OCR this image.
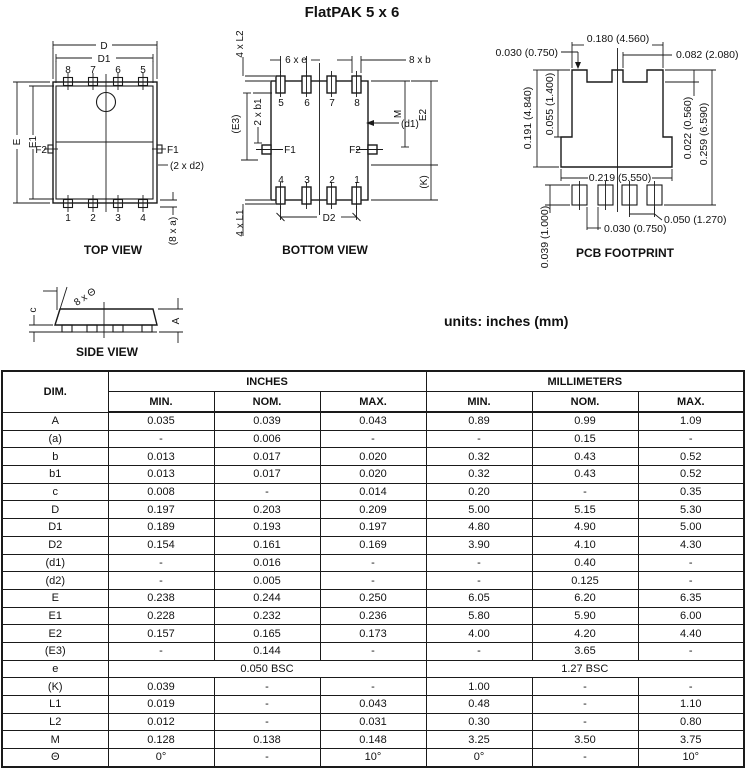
FlatPAK 5 x 6
units: inches (mm)
8 7 6 5
1 2 3 4
D
D1
E E1
F2	F1
(2 x d2)
(8 x a)
TOP VIEW
5 6 7 8
4 3 2 1
F1	F2
6 x e	8 x b
(d1)
M E2
(K)
(E3) 2 x b1
4 x L2
4 x L1	D2
BOTTOM VIEW
0.180 (4.560)
0.030 (0.750)	0.082 (2.080)
0.191 (4.840) 0.055 (1.400)	0.022 (0.560) 0.259 (6.590)
0.219 (5.550)
0.039 (1.000)	0.030 (0.750)
0.050 (1.270)
PCB FOOTPRINT
c
A
8 x Θ
SIDE VIEW
DIM.	INCHES			MILLIMETERS		
	MIN.	NOM.	MAX.	MIN.	NOM.	MAX.
A	0.035	0.039	0.043	0.89	0.99	1.09
(a)	-	0.006	-	-	0.15	-
b	0.013	0.017	0.020	0.32	0.43	0.52
b1	0.013	0.017	0.020	0.32	0.43	0.52
c	0.008	-	0.014	0.20	-	0.35
D	0.197	0.203	0.209	5.00	5.15	5.30
D1	0.189	0.193	0.197	4.80	4.90	5.00
D2	0.154	0.161	0.169	3.90	4.10	4.30
(d1)	-	0.016	-	-	0.40	-
(d2)	-	0.005	-	-	0.125	-
E	0.238	0.244	0.250	6.05	6.20	6.35
E1	0.228	0.232	0.236	5.80	5.90	6.00
E2	0.157	0.165	0.173	4.00	4.20	4.40
(E3)	-	0.144	-	-	3.65	-
e	0.050 BSC			1.27 BSC		
(K)	0.039	-	-	1.00	-	-
L1	0.019	-	0.043	0.48	-	1.10
L2	0.012	-	0.031	0.30	-	0.80
M	0.128	0.138	0.148	3.25	3.50	3.75
Θ	0°	-	10°	0°	-	10°
